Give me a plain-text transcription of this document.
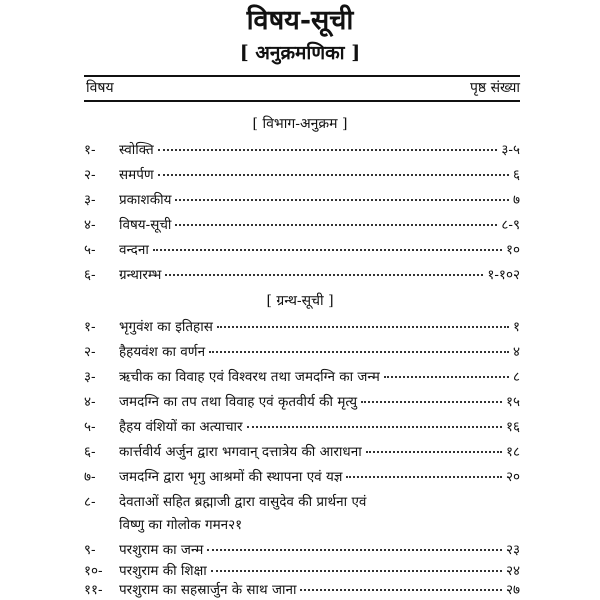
विषय-सूची
[ अनुक्रमणिका ]
विषय	पृष्ठ संख्या
[ विभाग-अनुक्रम ]
१-	स्वोक्ति	३-५
२-	समर्पण	६
३-	प्रकाशकीय	७
४-	विषय-सूची	८-९
५-	वन्दना	१०
६-	ग्रन्थारम्भ	१-१०२
[ ग्रन्थ-सूची ]
१-	भृगुवंश का इतिहास	१
२-	हैहयवंश का वर्णन	४
३-	ऋचीक का विवाह एवं विश्वरथ तथा जमदग्नि का जन्म	८
४-	जमदग्नि का तप तथा विवाह एवं कृतवीर्य की मृत्यु	१५
५-	हैहय वंशियों का अत्याचार	१६
६-	कार्त्तवीर्य अर्जुन द्वारा भगवान् दत्तात्रेय की आराधना	१८
७-	जमदग्नि द्वारा भृगु आश्रमों की स्थापना एवं यज्ञ	२०
८-	देवताओं सहित ब्रह्माजी द्वारा वासुदेव की प्रार्थना एवं
विष्णु का गोलोक गमन २१
९-	परशुराम का जन्म	२३
१०-	परशुराम की शिक्षा	२४
११-	परशुराम का सहस्रार्जुन के साथ जाना	२७
